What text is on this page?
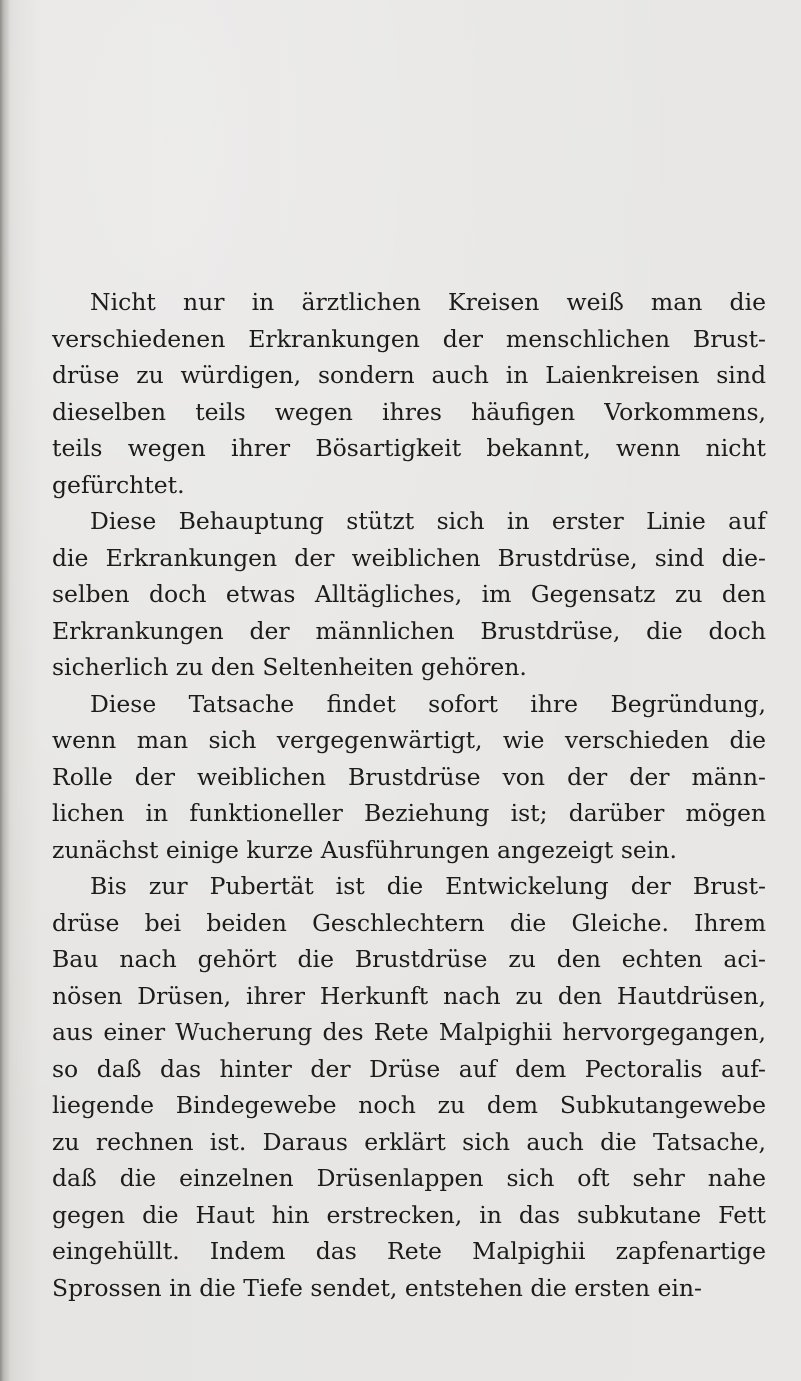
Nicht nur in ärztlichen Kreisen weiß man die
verschiedenen Erkrankungen der menschlichen Brust-
drüse zu würdigen, sondern auch in Laienkreisen sind
dieselben teils wegen ihres häufigen Vorkommens,
teils wegen ihrer Bösartigkeit bekannt, wenn nicht
gefürchtet.
Diese Behauptung stützt sich in erster Linie auf
die Erkrankungen der weiblichen Brustdrüse, sind die-
selben doch etwas Alltägliches, im Gegensatz zu den
Erkrankungen der männlichen Brustdrüse, die doch
sicherlich zu den Seltenheiten gehören.
Diese Tatsache findet sofort ihre Begründung,
wenn man sich vergegenwärtigt, wie verschieden die
Rolle der weiblichen Brustdrüse von der der männ-
lichen in funktioneller Beziehung ist; darüber mögen
zunächst einige kurze Ausführungen angezeigt sein.
Bis zur Pubertät ist die Entwickelung der Brust-
drüse bei beiden Geschlechtern die Gleiche. Ihrem
Bau nach gehört die Brustdrüse zu den echten aci-
nösen Drüsen, ihrer Herkunft nach zu den Hautdrüsen,
aus einer Wucherung des Rete Malpighii hervorgegangen,
so daß das hinter der Drüse auf dem Pectoralis auf-
liegende Bindegewebe noch zu dem Subkutangewebe
zu rechnen ist. Daraus erklärt sich auch die Tatsache,
daß die einzelnen Drüsenlappen sich oft sehr nahe
gegen die Haut hin erstrecken, in das subkutane Fett
eingehüllt. Indem das Rete Malpighii zapfenartige
Sprossen in die Tiefe sendet, entstehen die ersten ein-
